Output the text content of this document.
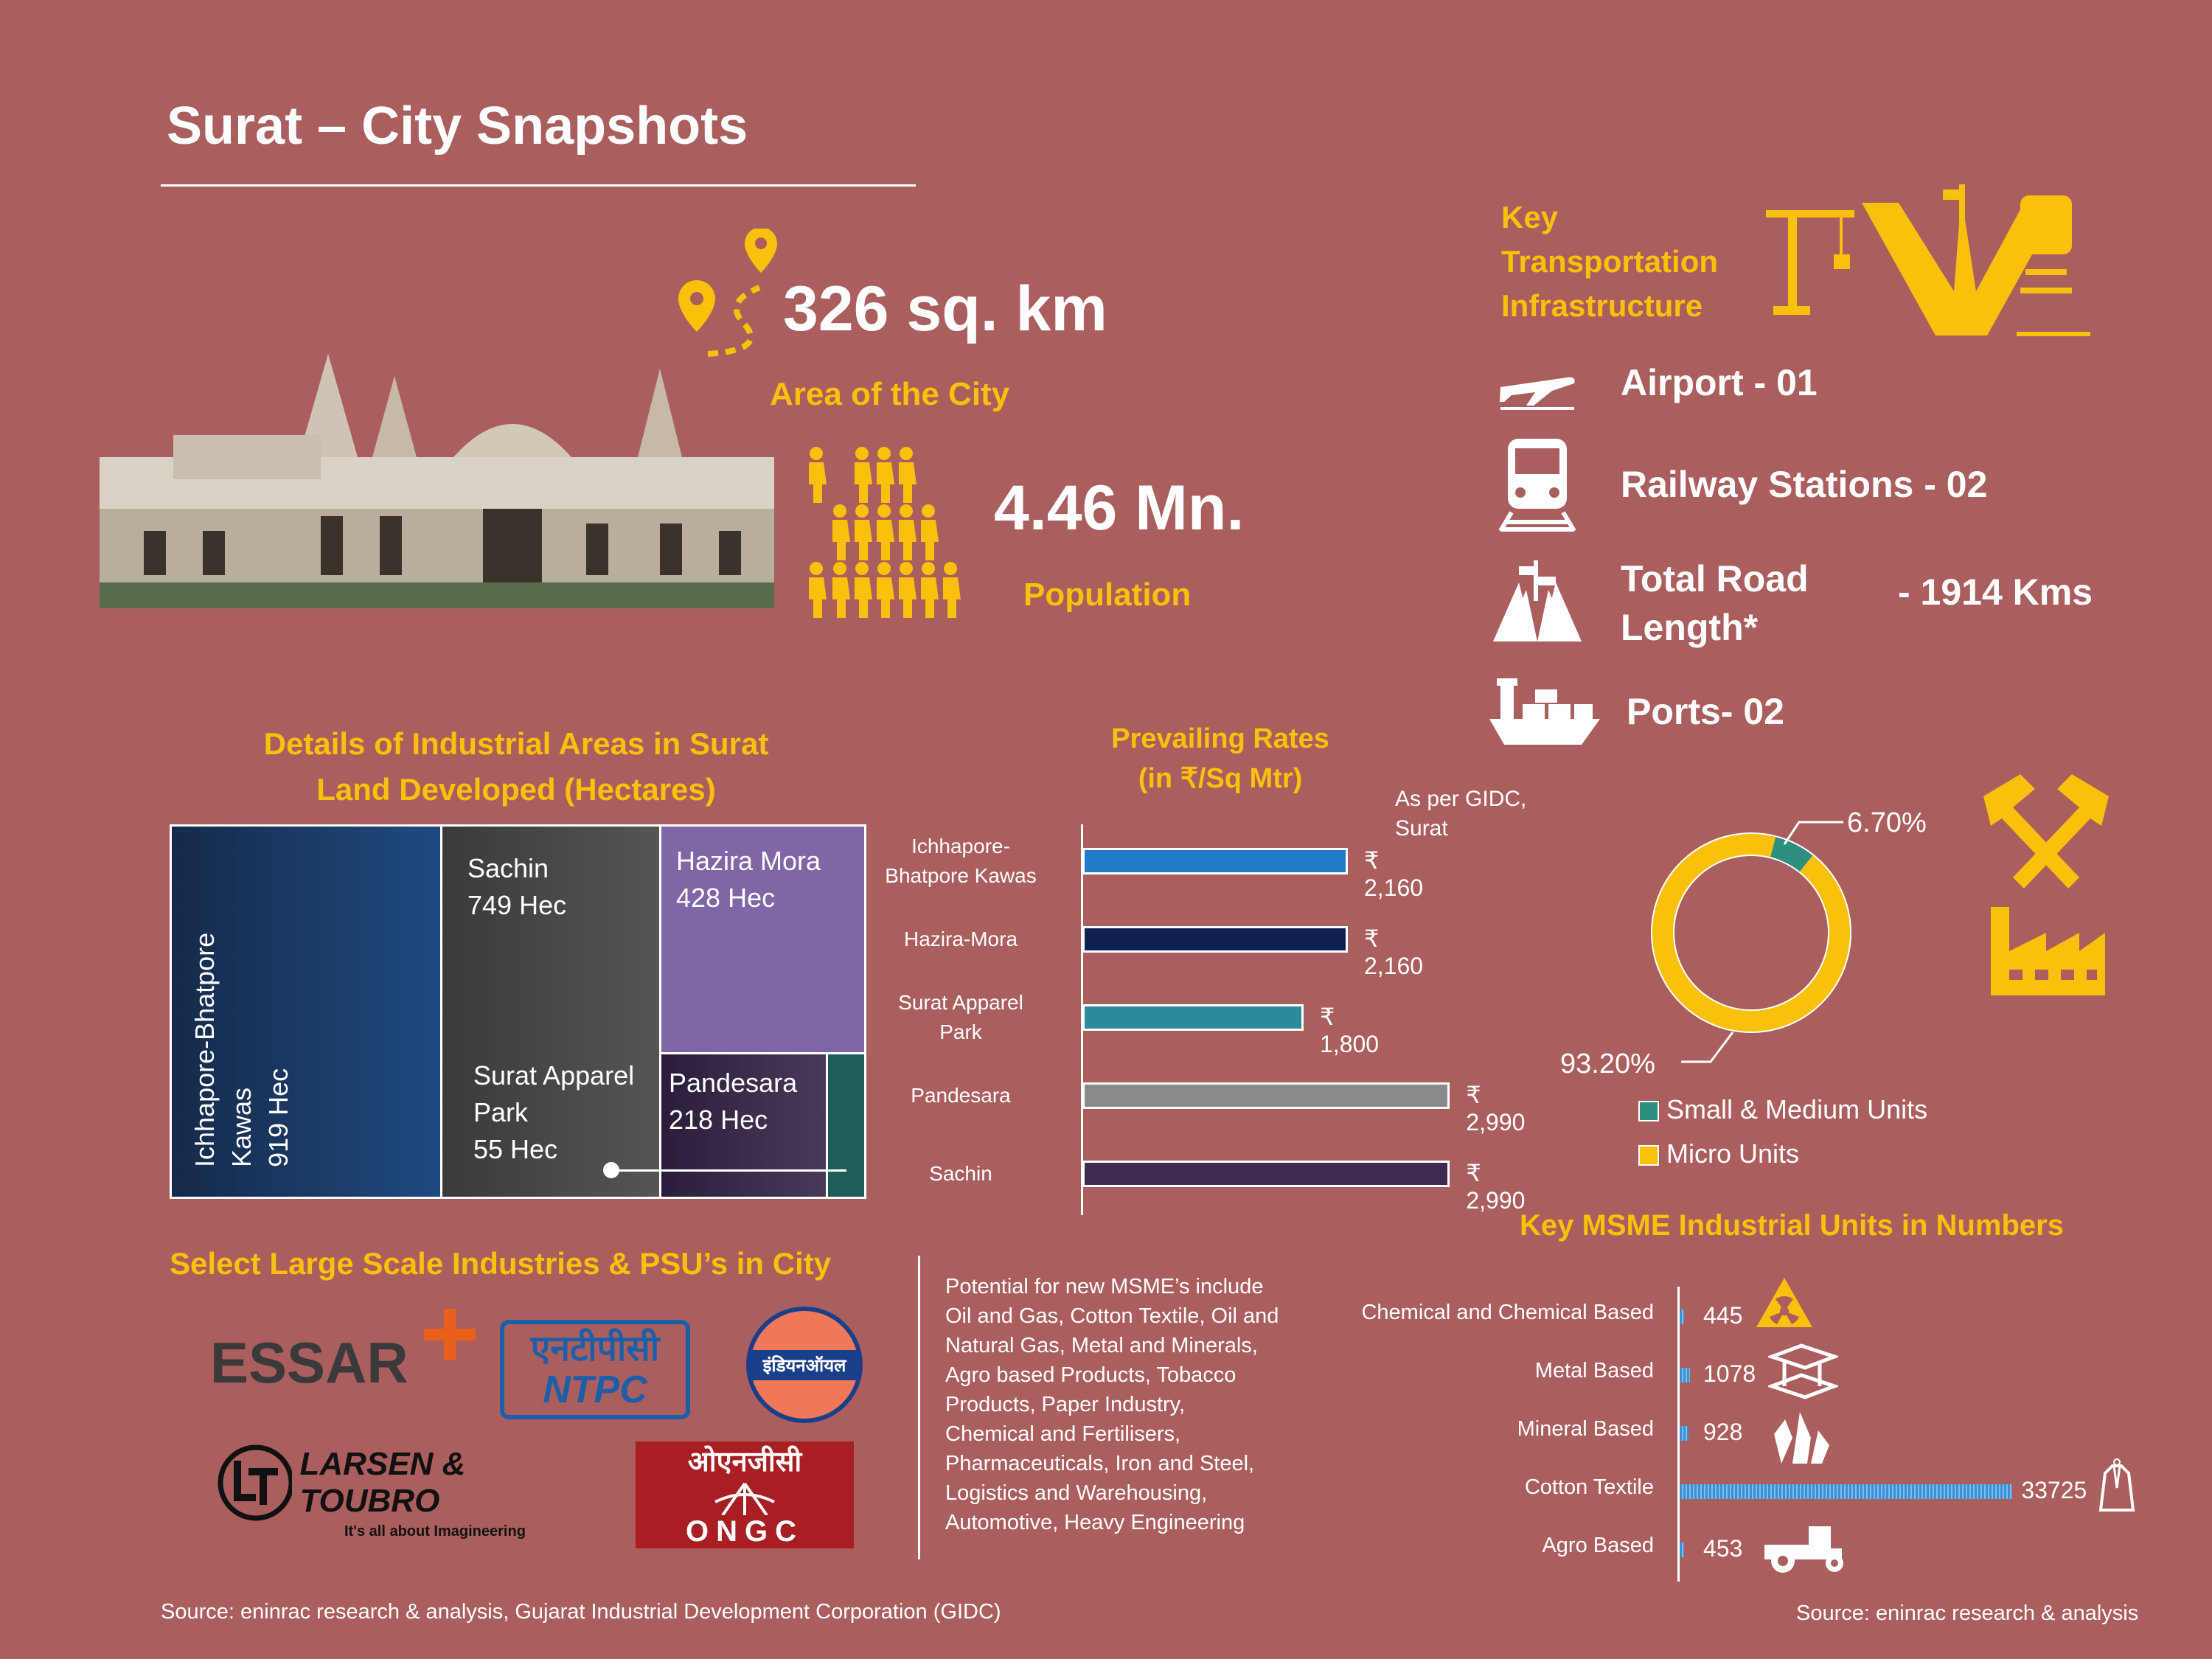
Surat – City Snapshots
326 sq. km
Area of the City
4.46 Mn.
Population
Key
Transportation
Infrastructure
Airport - 01
Railway Stations - 02
Total Road
Length*
- 1914 Kms
Ports- 02
Details of Industrial Areas in Surat
Land Developed (Hectares)
Ichhapore-Bhatpore Kawas 919 Hec
Sachin
749 Hec
Hazira Mora
428 Hec
Pandesara
218 Hec
Surat Apparel
Park
55 Hec
Prevailing Rates
(in ₹/Sq Mtr)
As per GIDC,
Surat
Ichhapore-
Bhatpore Kawas
₹ 2,160
Hazira-Mora	₹ 2,160
Surat Apparel
Park
₹ 1,800
Pandesara	₹ 2,990
Sachin	₹ 2,990
6.70%
93.20%
Small & Medium Units
Micro Units
Key MSME Industrial Units in Numbers
Chemical and Chemical Based 445
Metal Based 1078
Mineral Based 928
Cotton Textile	33725
Agro Based 453
Select Large Scale Industries & PSU’s in City
ESSAR	एनटीपीसी
NTPC
इंडियनऑयल
LARSEN & TOUBRO
It's all about Imagineering
ओएनजीसी
ONGC
Potential for new MSME’s include
Oil and Gas, Cotton Textile, Oil and
Natural Gas, Metal and Minerals,
Agro based Products, Tobacco
Products, Paper Industry,
Chemical and Fertilisers,
Pharmaceuticals, Iron and Steel,
Logistics and Warehousing,
Automotive, Heavy Engineering
Source: eninrac research & analysis, Gujarat Industrial Development Corporation (GIDC)	Source: eninrac research & analysis
